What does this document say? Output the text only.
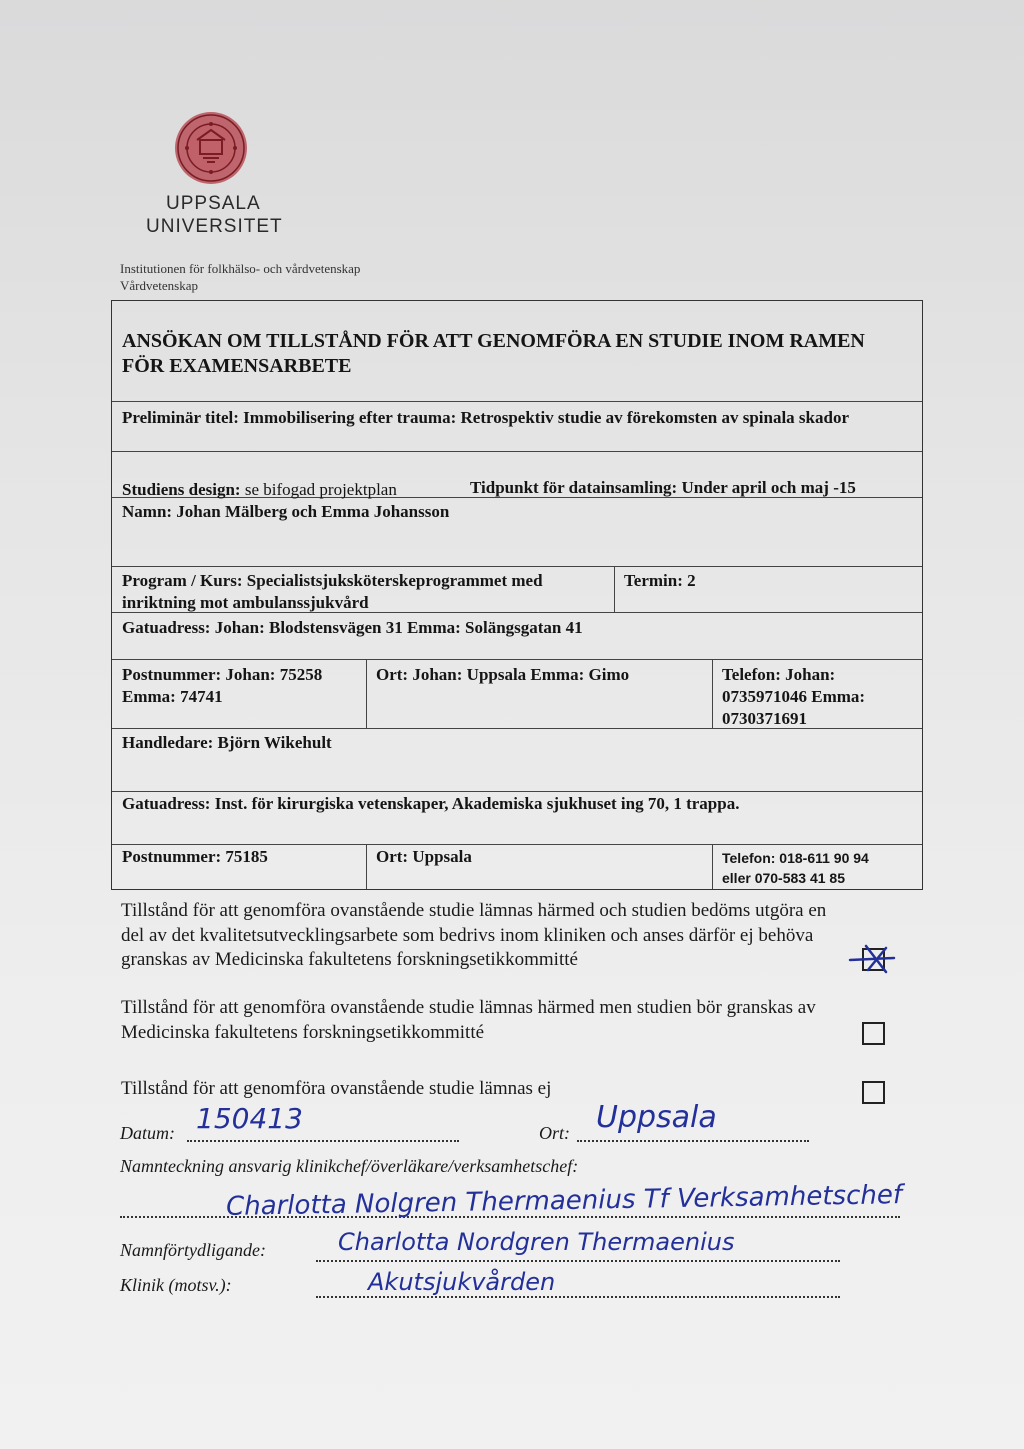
UPPSALA
UNIVERSITET
Institutionen för folkhälso- och vårdvetenskap
Vårdvetenskap
ANSÖKAN OM TILLSTÅND FÖR ATT GENOMFÖRA EN STUDIE INOM RAMEN FÖR EXAMENSARBETE
Preliminär titel: Immobilisering efter trauma: Retrospektiv studie av förekomsten av spinala skador
Studiens design: se bifogad projektplan	Tidpunkt för datainsamling: Under april och maj -15
Namn: Johan Mälberg och Emma Johansson
Program / Kurs: Specialistsjuksköterskeprogrammet med inriktning mot ambulanssjukvård
Termin: 2
Gatuadress: Johan: Blodstensvägen 31 Emma: Solängsgatan 41
Postnummer: Johan: 75258 Emma: 74741
Ort: Johan: Uppsala Emma: Gimo	Telefon: Johan: 0735971046 Emma: 0730371691
Handledare: Björn Wikehult
Gatuadress: Inst. för kirurgiska vetenskaper, Akademiska sjukhuset ing 70, 1 trappa.
Postnummer: 75185	Ort: Uppsala	Telefon: 018-611 90 94
eller 070-583 41 85
Tillstånd för att genomföra ovanstående studie lämnas härmed och studien bedöms utgöra en del av det kvalitetsutvecklingsarbete som bedrivs inom kliniken och anses därför ej behöva granskas av Medicinska fakultetens forskningsetikkommitté
Tillstånd för att genomföra ovanstående studie lämnas härmed men studien bör granskas av Medicinska fakultetens forskningsetikkommitté
Tillstånd för att genomföra ovanstående studie lämnas ej
Datum: 150413	Ort: Uppsala
Namnteckning ansvarig klinikchef/överläkare/verksamhetschef:
Charlotta Nolgren Thermaenius Tf Verksamhetschef
Namnförtydligande:	Charlotta Nordgren Thermaenius
Klinik (motsv.):	Akutsjukvården
